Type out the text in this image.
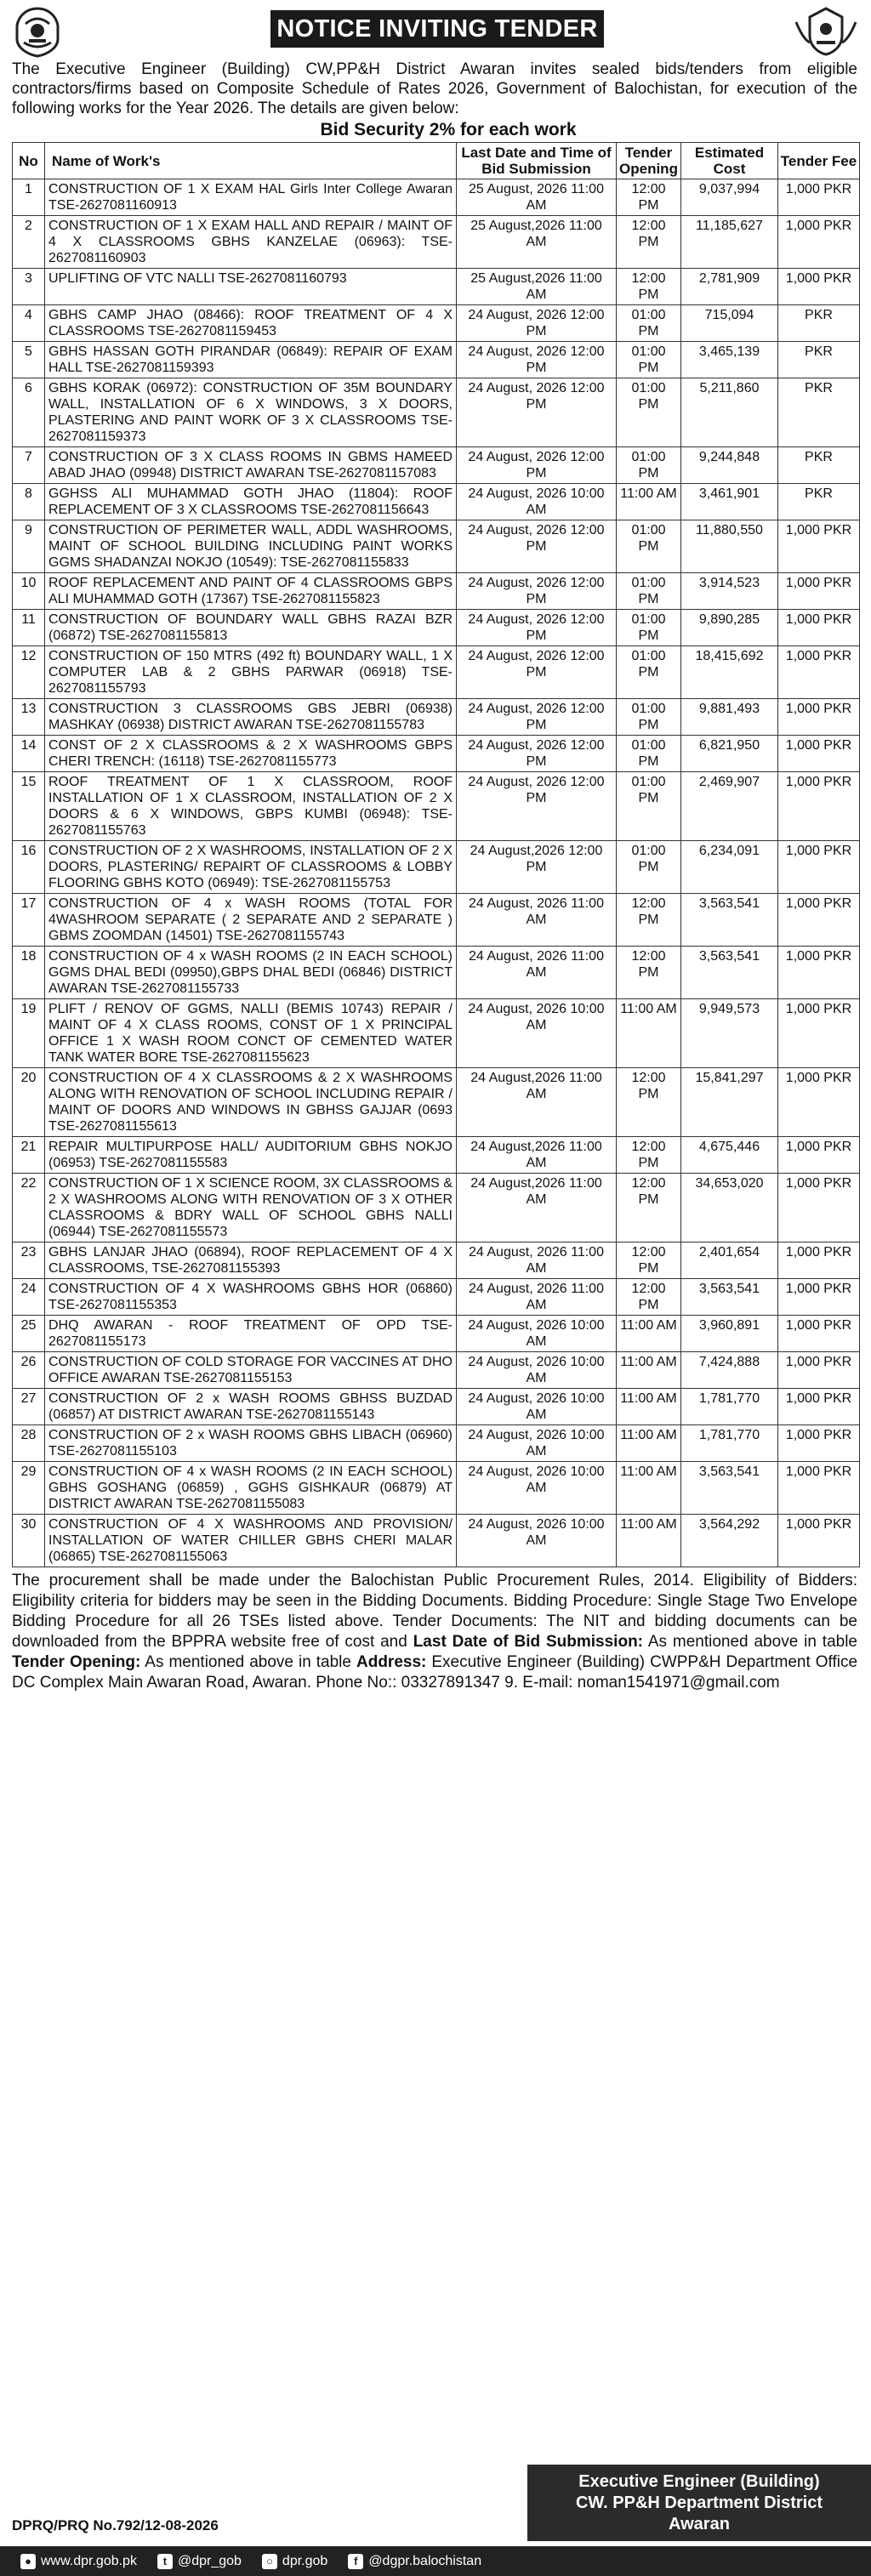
NOTICE INVITING TENDER
The Executive Engineer (Building) CW,PP&H District Awaran invites sealed bids/tenders from eligible contractors/firms based on Composite Schedule of Rates 2026, Government of Balochistan, for execution of the following works for the Year 2026. The details are given below:
Bid Security 2% for each work
No	Name of Work's	Last Date and Time of Bid Submission	Tender Opening	Estimated Cost	Tender Fee
1	CONSTRUCTION OF 1 X EXAM HAL Girls Inter College Awaran TSE-2627081160913	25 August, 2026 11:00 AM	12:00 PM	9,037,994	1,000 PKR
2	CONSTRUCTION OF 1 X EXAM HALL AND REPAIR / MAINT OF 4 X CLASSROOMS GBHS KANZELAE (06963): TSE-2627081160903	25 August,2026 11:00 AM	12:00 PM	11,185,627	1,000 PKR
3	UPLIFTING OF VTC NALLI TSE-2627081160793	25 August,2026 11:00 AM	12:00 PM	2,781,909	1,000 PKR
4	GBHS CAMP JHAO (08466): ROOF TREATMENT OF 4 X CLASSROOMS TSE-2627081159453	24 August, 2026 12:00 PM	01:00 PM	715,094	PKR
5	GBHS HASSAN GOTH PIRANDAR (06849): REPAIR OF EXAM HALL TSE-2627081159393	24 August, 2026 12:00 PM	01:00 PM	3,465,139	PKR
6	GBHS KORAK (06972): CONSTRUCTION OF 35M BOUNDARY WALL, INSTALLATION OF 6 X WINDOWS, 3 X DOORS, PLASTERING AND PAINT WORK OF 3 X CLASSROOMS TSE-2627081159373	24 August, 2026 12:00 PM	01:00 PM	5,211,860	PKR
7	CONSTRUCTION OF 3 X CLASS ROOMS IN GBMS HAMEED ABAD JHAO (09948) DISTRICT AWARAN TSE-2627081157083	24 August, 2026 12:00 PM	01:00 PM	9,244,848	PKR
8	GGHSS ALI MUHAMMAD GOTH JHAO (11804): ROOF REPLACEMENT OF 3 X CLASSROOMS TSE-2627081156643	24 August, 2026 10:00 AM	11:00 AM	3,461,901	PKR
9	CONSTRUCTION OF PERIMETER WALL, ADDL WASHROOMS, MAINT OF SCHOOL BUILDING INCLUDING PAINT WORKS GGMS SHADANZAI NOKJO (10549): TSE-2627081155833	24 August, 2026 12:00 PM	01:00 PM	11,880,550	1,000 PKR
10	ROOF REPLACEMENT AND PAINT OF 4 CLASSROOMS GBPS ALI MUHAMMAD GOTH (17367) TSE-2627081155823	24 August, 2026 12:00 PM	01:00 PM	3,914,523	1,000 PKR
11	CONSTRUCTION OF BOUNDARY WALL GBHS RAZAI BZR (06872) TSE-2627081155813	24 August, 2026 12:00 PM	01:00 PM	9,890,285	1,000 PKR
12	CONSTRUCTION OF 150 MTRS (492 ft) BOUNDARY WALL, 1 X COMPUTER LAB & 2 GBHS PARWAR (06918) TSE-2627081155793	24 August, 2026 12:00 PM	01:00 PM	18,415,692	1,000 PKR
13	CONSTRUCTION 3 CLASSROOMS GBS JEBRI (06938) MASHKAY (06938) DISTRICT AWARAN TSE-2627081155783	24 August, 2026 12:00 PM	01:00 PM	9,881,493	1,000 PKR
14	CONST OF 2 X CLASSROOMS & 2 X WASHROOMS GBPS CHERI TRENCH: (16118) TSE-2627081155773	24 August, 2026 12:00 PM	01:00 PM	6,821,950	1,000 PKR
15	ROOF TREATMENT OF 1 X CLASSROOM, ROOF INSTALLATION OF 1 X CLASSROOM, INSTALLATION OF 2 X DOORS & 6 X WINDOWS, GBPS KUMBI (06948): TSE-2627081155763	24 August, 2026 12:00 PM	01:00 PM	2,469,907	1,000 PKR
16	CONSTRUCTION OF 2 X WASHROOMS, INSTALLATION OF 2 X DOORS, PLASTERING/ REPAIRT OF CLASSROOMS & LOBBY FLOORING GBHS KOTO (06949): TSE-2627081155753	24 August,2026 12:00 PM	01:00 PM	6,234,091	1,000 PKR
17	CONSTRUCTION OF 4 x WASH ROOMS (TOTAL FOR 4WASHROOM SEPARATE ( 2 SEPARATE AND 2 SEPARATE ) GBMS ZOOMDAN (14501) TSE-2627081155743	24 August, 2026 11:00 AM	12:00 PM	3,563,541	1,000 PKR
18	CONSTRUCTION OF 4 x WASH ROOMS (2 IN EACH SCHOOL) GGMS DHAL BEDI (09950),GBPS DHAL BEDI (06846) DISTRICT AWARAN TSE-2627081155733	24 August, 2026 11:00 AM	12:00 PM	3,563,541	1,000 PKR
19	PLIFT / RENOV OF GGMS, NALLI (BEMIS 10743) REPAIR / MAINT OF 4 X CLASS ROOMS, CONST OF 1 X PRINCIPAL OFFICE 1 X WASH ROOM CONCT OF CEMENTED WATER TANK WATER BORE TSE-2627081155623	24 August, 2026 10:00 AM	11:00 AM	9,949,573	1,000 PKR
20	CONSTRUCTION OF 4 X CLASSROOMS & 2 X WASHROOMS ALONG WITH RENOVATION OF SCHOOL INCLUDING REPAIR / MAINT OF DOORS AND WINDOWS IN GBHSS GAJJAR (0693 TSE-2627081155613	24 August,2026 11:00 AM	12:00 PM	15,841,297	1,000 PKR
21	REPAIR MULTIPURPOSE HALL/ AUDITORIUM GBHS NOKJO (06953) TSE-2627081155583	24 August,2026 11:00 AM	12:00 PM	4,675,446	1,000 PKR
22	CONSTRUCTION OF 1 X SCIENCE ROOM, 3X CLASSROOMS & 2 X WASHROOMS ALONG WITH RENOVATION OF 3 X OTHER CLASSROOMS & BDRY WALL OF SCHOOL GBHS NALLI (06944) TSE-2627081155573	24 August,2026 11:00 AM	12:00 PM	34,653,020	1,000 PKR
23	GBHS LANJAR JHAO (06894), ROOF REPLACEMENT OF 4 X CLASSROOMS, TSE-2627081155393	24 August, 2026 11:00 AM	12:00 PM	2,401,654	1,000 PKR
24	CONSTRUCTION OF 4 X WASHROOMS GBHS HOR (06860) TSE-2627081155353	24 August, 2026 11:00 AM	12:00 PM	3,563,541	1,000 PKR
25	DHQ AWARAN - ROOF TREATMENT OF OPD TSE-2627081155173	24 August, 2026 10:00 AM	11:00 AM	3,960,891	1,000 PKR
26	CONSTRUCTION OF COLD STORAGE FOR VACCINES AT DHO OFFICE AWARAN TSE-2627081155153	24 August, 2026 10:00 AM	11:00 AM	7,424,888	1,000 PKR
27	CONSTRUCTION OF 2 x WASH ROOMS GBHSS BUZDAD (06857) AT DISTRICT AWARAN TSE-2627081155143	24 August, 2026 10:00 AM	11:00 AM	1,781,770	1,000 PKR
28	CONSTRUCTION OF 2 x WASH ROOMS GBHS LIBACH (06960) TSE-2627081155103	24 August, 2026 10:00 AM	11:00 AM	1,781,770	1,000 PKR
29	CONSTRUCTION OF 4 x WASH ROOMS (2 IN EACH SCHOOL) GBHS GOSHANG (06859) , GGHS GISHKAUR (06879) AT DISTRICT AWARAN TSE-2627081155083	24 August, 2026 10:00 AM	11:00 AM	3,563,541	1,000 PKR
30	CONSTRUCTION OF 4 X WASHROOMS AND PROVISION/ INSTALLATION OF WATER CHILLER GBHS CHERI MALAR (06865) TSE-2627081155063	24 August, 2026 10:00 AM	11:00 AM	3,564,292	1,000 PKR
The procurement shall be made under the Balochistan Public Procurement Rules, 2014. Eligibility of Bidders: Eligibility criteria for bidders may be seen in the Bidding Documents. Bidding Procedure: Single Stage Two Envelope Bidding Procedure for all 26 TSEs listed above. Tender Documents: The NIT and bidding documents can be downloaded from the BPPRA website free of cost and Last Date of Bid Submission: As mentioned above in table Tender Opening: As mentioned above in table Address: Executive Engineer (Building) CWPP&H Department Office DC Complex Main Awaran Road, Awaran. Phone No:: 03327891347 9. E-mail: noman1541971@gmail.com
Executive Engineer (Building)
CW. PP&H Department District
Awaran
DPRQ/PRQ No.792/12-08-2026
● www.dpr.gob.pk	t @dpr_gob	○ dpr.gob	f @dgpr.balochistan
